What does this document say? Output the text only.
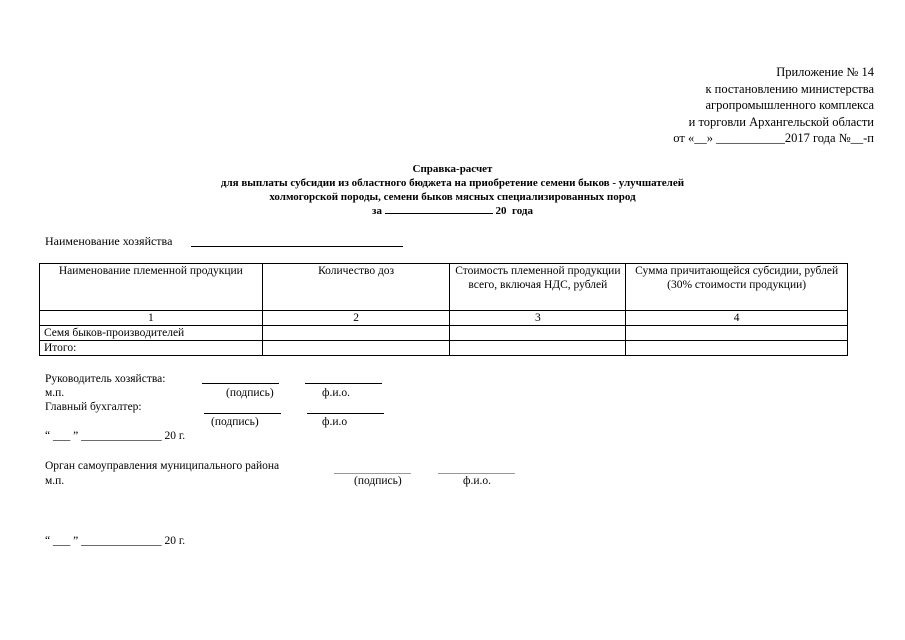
Приложение № 14
к постановлению министерства
агропромышленного комплекса
и торговли Архангельской области
от «__» ___________2017 года №__-п
Справка-расчет
для выплаты субсидии из областного бюджета на приобретение семени быков - улучшателей
холмогорской породы, семени быков мясных специализированных пород
за	20 года
Наименование хозяйства
Наименование племенной продукции	Количество доз	Стоимость племенной продукции всего, включая НДС, рублей	Сумма причитающейся субсидии, рублей (30% стоимости продукции)
1	2	3	4
Семя быков-производителей			
Итого:			
Руководитель хозяйства:
м.п.	(подпись)	ф.и.о.
Главный бухгалтер:
(подпись)	ф.и.о
“ ___ ” ______________ 20 г.
Орган самоуправления муниципального района
м.п.	(подпись)	ф.и.о.
“ ___ ” ______________ 20 г.
